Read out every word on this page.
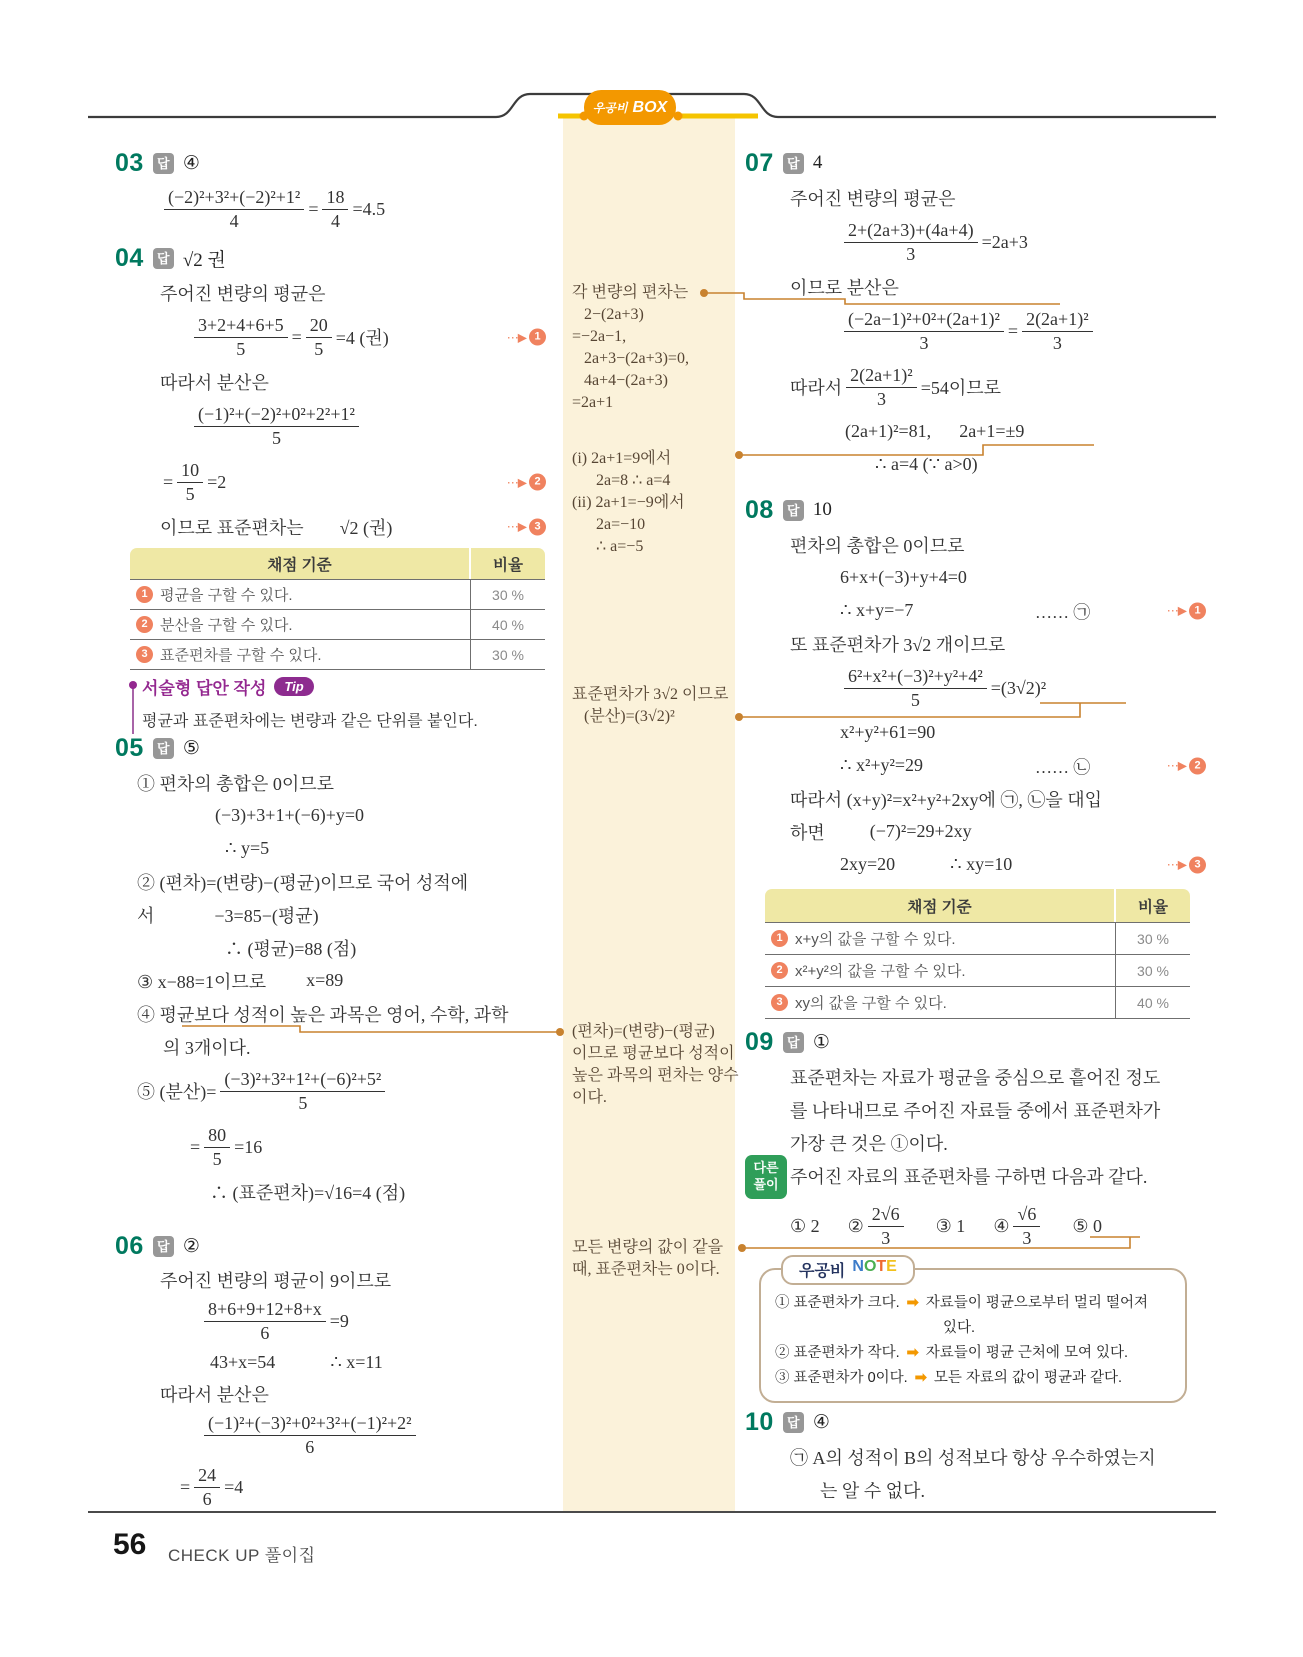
우공비 BOX
03	답 ④
$\frac{\text{(−2)²+3²+(−2)²+1²}}{4} = \frac{18}{4} =4.5$
04	답 √2 권
주어진 변량의 평균은
$\frac{3+2+4+6+5}{5} = \frac{20}{5} =4$ (권)	⋯▶ 1
따라서 분산은
$\frac{\text{(−1)²+(−2)²+0²+2²+1²}}{5}$
= $\frac{10}{5} =2$	⋯▶ 2
이므로 표준편차는 √2 (권)	⋯▶ 3
채점 기준	비율
1 평균을 구할 수 있다.	30 %
2 분산을 구할 수 있다.	40 %
3 표준편차를 구할 수 있다.	30 %
서술형 답안 작성	Tip
평균과 표준편차에는 변량과 같은 단위를 붙인다.
05	답 ⑤
① 편차의 총합은 0이므로
(−3)+3+1+(−6)+y=0
∴ y=5
② (편차)=(변량)−(평균)이므로 국어 성적에
서	−3=85−(평균)
∴ (평균)=88 (점)
③ x−88=1이므로 x=89
④ 평균보다 성적이 높은 과목은 영어, 수학, 과학
의 3개이다.
⑤ (분산)= $\frac{\text{(−3)²+3²+1²+(−6)²+5²}}{5}$
= $\frac{80}{5} =16$
∴ (표준편차)=√16=4 (점)
06	답 ②
주어진 변량의 평균이 9이므로
$\frac{8+6+9+12+8+x}{6} =9$
43+x=54	∴ x=11
따라서 분산은
$\frac{\text{(−1)²+(−3)²+0²+3²+(−1)²+2²}}{6}$
= $\frac{24}{6} =4$
각 변량의 편차는
2−(2a+3)
=−2a−1,
2a+3−(2a+3)=0,
4a+4−(2a+3)
=2a+1
(i) 2a+1=9에서
2a=8 ∴ a=4
(ii) 2a+1=−9에서
2a=−10
∴ a=−5
표준편차가 3√2 이므로
(분산)=(3√2)²
(편차)=(변량)−(평균)
이므로 평균보다 성적이
높은 과목의 편차는 양수
이다.
모든 변량의 값이 같을
때, 표준편차는 0이다.
07	답 4
주어진 변량의 평균은
$\frac{2+(2a+3)+(4a+4)}{3} =2a+3$
이므로 분산은
$\frac{\text{(−2a−1)²+0²+(2a+1)²}}{3} = \frac{\text{2(2a+1)²}}{3}$
따라서 $\frac{\text{2(2a+1)²}}{3} =54$이므로
(2a+1)²=81, 2a+1=±9
∴ a=4 (∵ a>0)
08	답 10
편차의 총합은 0이므로
6+x+(−3)+y+4=0
∴ x+y=−7	…… ㉠	⋯▶ 1
또 표준편차가 3√2 개이므로
$\frac{\text{6²+x²+(−3)²+y²+4²}}{5} =(3√2)^2$
x²+y²+61=90
∴ x²+y²=29	…… ㉡	⋯▶ 2
따라서 (x+y)²=x²+y²+2xy에 ㉠, ㉡을 대입
하면	(−7)²=29+2xy
2xy=20	∴ xy=10	⋯▶ 3
채점 기준	비율
1 x+y의 값을 구할 수 있다.	30 %
2 x²+y²의 값을 구할 수 있다.	30 %
3 xy의 값을 구할 수 있다.	40 %
09	답 ①
표준편차는 자료가 평균을 중심으로 흩어진 정도
를 나타내므로 주어진 자료들 중에서 표준편차가
가장 큰 것은 ①이다.
다른
풀이 주어진 자료의 표준편차를 구하면 다음과 같다.
① 2 ② $\frac{2√6}{3}$ ③ 1 ④ $\frac{√6}{3}$ ⑤ 0
우공비 NOTE
① 표준편차가 크다. ➡ 자료들이 평균으로부터 멀리 떨어져
있다.
② 표준편차가 작다. ➡ 자료들이 평균 근처에 모여 있다.
③ 표준편차가 0이다. ➡ 모든 자료의 값이 평균과 같다.
10	답 ④
㉠ A의 성적이 B의 성적보다 항상 우수하였는지
는 알 수 없다.
56 CHECK UP 풀이집
